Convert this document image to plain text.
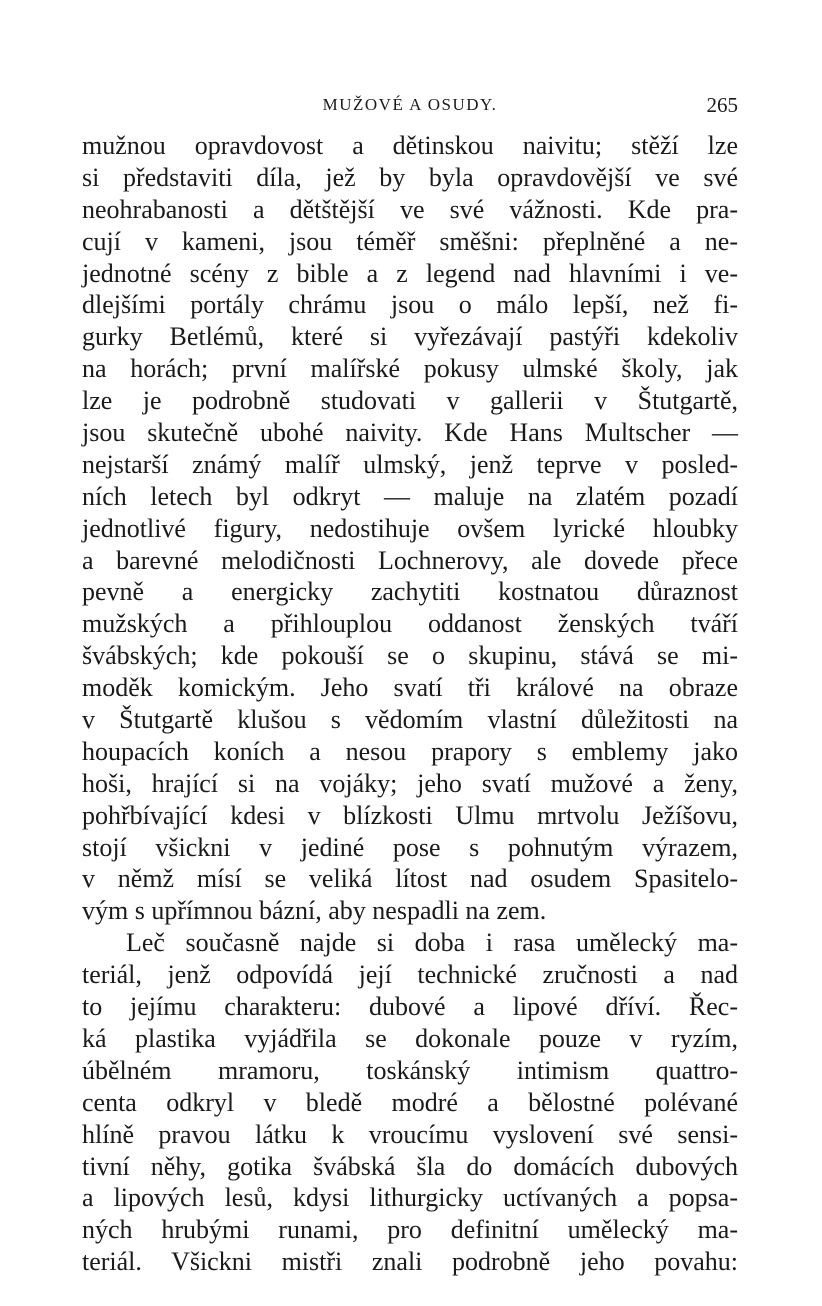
MUŽOVÉ A OSUDY.	265
mužnou opravdovost a dětinskou naivitu; stěží lze
si představiti díla, jež by byla opravdovější ve své
neohrabanosti a dětštější ve své vážnosti. Kde pra-
cují v kameni, jsou téměř směšni: přeplněné a ne-
jednotné scény z bible a z legend nad hlavními i ve-
dlejšími portály chrámu jsou o málo lepší, než fi-
gurky Betlémů, které si vyřezávají pastýři kdekoliv
na horách; první malířské pokusy ulmské školy, jak
lze je podrobně studovati v gallerii v Štutgartě,
jsou skutečně ubohé naivity. Kde Hans Multscher —
nejstarší známý malíř ulmský, jenž teprve v posled-
ních letech byl odkryt — maluje na zlatém pozadí
jednotlivé figury, nedostihuje ovšem lyrické hloubky
a barevné melodičnosti Lochnerovy, ale dovede přece
pevně a energicky zachytiti kostnatou důraznost
mužských a přihlouplou oddanost ženských tváří
švábských; kde pokouší se o skupinu, stává se mi-
moděk komickým. Jeho svatí tři králové na obraze
v Štutgartě klušou s vědomím vlastní důležitosti na
houpacích koních a nesou prapory s emblemy jako
hoši, hrající si na vojáky; jeho svatí mužové a ženy,
pohřbívající kdesi v blízkosti Ulmu mrtvolu Ježíšovu,
stojí všickni v jediné pose s pohnutým výrazem,
v němž mísí se veliká lítost nad osudem Spasitelo-
vým s upřímnou bázní, aby nespadli na zem.
Leč současně najde si doba i rasa umělecký ma-
teriál, jenž odpovídá její technické zručnosti a nad
to jejímu charakteru: dubové a lipové dříví. Řec-
ká plastika vyjádřila se dokonale pouze v ryzím,
úbělném mramoru, toskánský intimism quattro-
centa odkryl v bledě modré a bělostné polévané
hlíně pravou látku k vroucímu vyslovení své sensi-
tivní něhy, gotika švábská šla do domácích dubových
a lipových lesů, kdysi lithurgicky uctívaných a popsa-
ných hrubými runami, pro definitní umělecký ma-
teriál. Všickni mistři znali podrobně jeho povahu:
